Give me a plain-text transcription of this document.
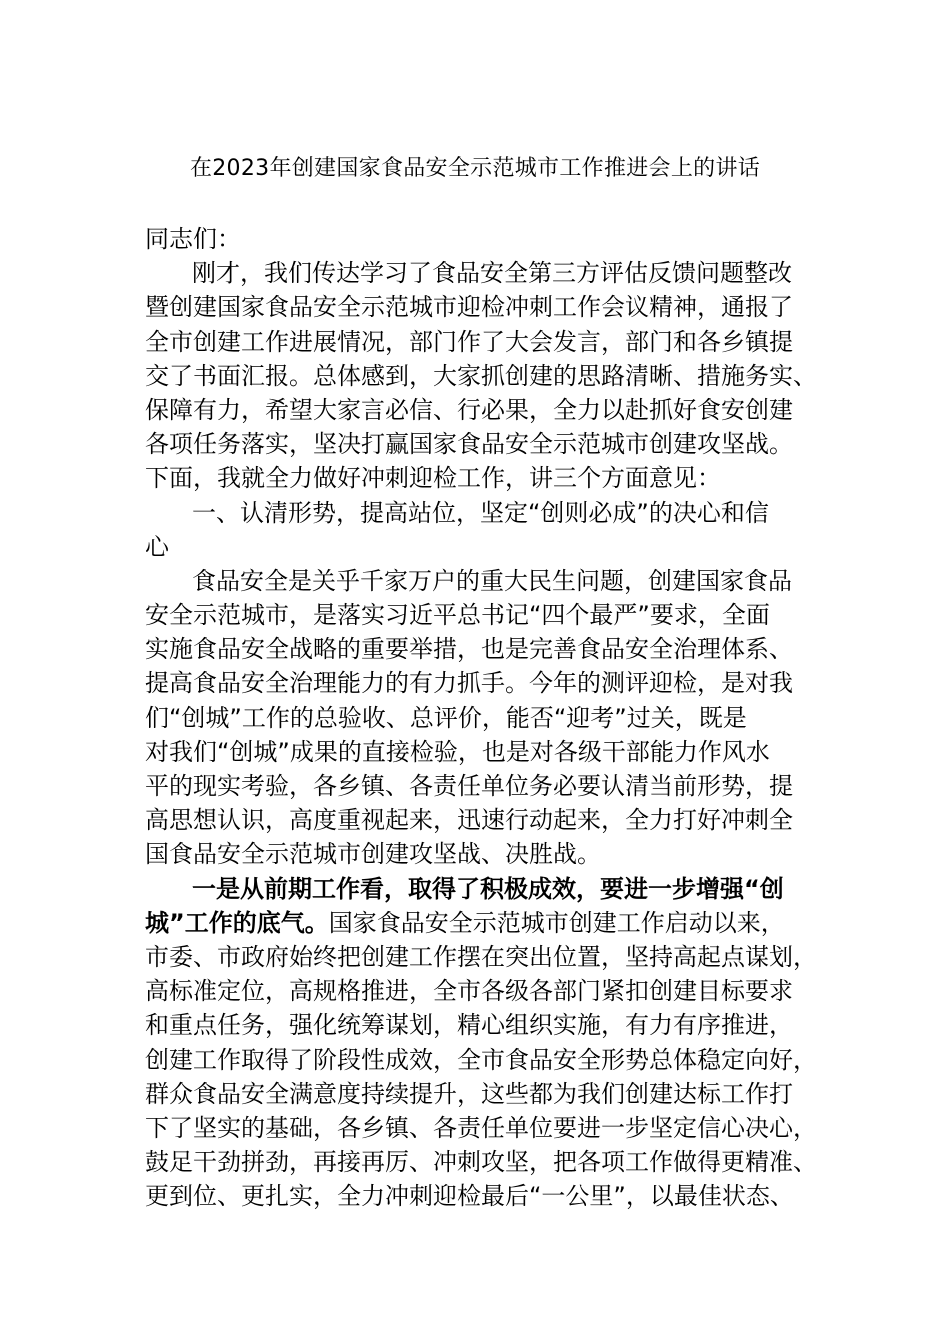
在2023年创建国家食品安全示范城市工作推进会上的讲话
同志们：
刚才，我们传达学习了食品安全第三方评估反馈问题整改
暨创建国家食品安全示范城市迎检冲刺工作会议精神，通报了
全市创建工作进展情况，部门作了大会发言，部门和各乡镇提
交了书面汇报。总体感到，大家抓创建的思路清晰、措施务实、
保障有力，希望大家言必信、行必果，全力以赴抓好食安创建
各项任务落实，坚决打赢国家食品安全示范城市创建攻坚战。
下面，我就全力做好冲刺迎检工作，讲三个方面意见：
一、认清形势，提高站位，坚定“创则必成”的决心和信
心
食品安全是关乎千家万户的重大民生问题，创建国家食品
安全示范城市，是落实习近平总书记“四个最严”要求，全面
实施食品安全战略的重要举措，也是完善食品安全治理体系、
提高食品安全治理能力的有力抓手。今年的测评迎检，是对我
们“创城”工作的总验收、总评价，能否“迎考”过关，既是
对我们“创城”成果的直接检验，也是对各级干部能力作风水
平的现实考验，各乡镇、各责任单位务必要认清当前形势，提
高思想认识，高度重视起来，迅速行动起来，全力打好冲刺全
国食品安全示范城市创建攻坚战、决胜战。
一是从前期工作看，取得了积极成效，要进一步增强“创
城”工作的底气。国家食品安全示范城市创建工作启动以来，
市委、市政府始终把创建工作摆在突出位置，坚持高起点谋划，
高标准定位，高规格推进，全市各级各部门紧扣创建目标要求
和重点任务，强化统筹谋划，精心组织实施，有力有序推进，
创建工作取得了阶段性成效，全市食品安全形势总体稳定向好，
群众食品安全满意度持续提升，这些都为我们创建达标工作打
下了坚实的基础，各乡镇、各责任单位要进一步坚定信心决心，
鼓足干劲拼劲，再接再厉、冲刺攻坚，把各项工作做得更精准、
更到位、更扎实，全力冲刺迎检最后“一公里”，以最佳状态、
